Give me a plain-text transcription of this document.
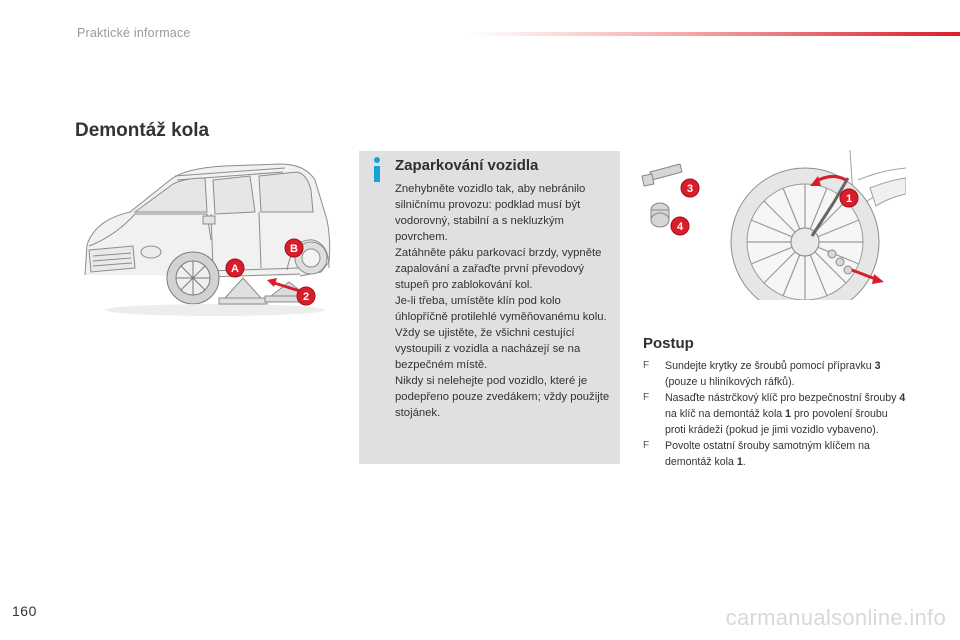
Praktické informace
Demontáž kola
B
A
2
Zaparkování vozidla

Znehybněte vozidlo tak, aby nebránilo silničnímu provozu: podklad musí být vodorovný, stabilní a s nekluzkým povrchem.

Zatáhněte páku parkovací brzdy, vypněte zapalování a zařaďte první převodový stupeň pro zablokování kol.

Je-li třeba, umístěte klín pod kolo úhlopříčně protilehlé vyměňovanému kolu.

Vždy se ujistěte, že všichni cestující vystoupili z vozidla a nacházejí se na bezpečném místě.

Nikdy si nelehejte pod vozidlo, které je podepřeno pouze zvedákem; vždy použijte stojánek.

3
4
1
Postup
F Sundejte krytky ze šroubů pomocí přípravku 3 (pouze u hliníkových ráfků).
F Nasaďte nástrčkový klíč pro bezpečnostní šrouby 4 na klíč na demontáž kola 1 pro povolení šroubu proti krádeži (pokud je jimi vozidlo vybaveno).
F Povolte ostatní šrouby samotným klíčem na demontáž kola 1.
160	carmanualsonline.info
